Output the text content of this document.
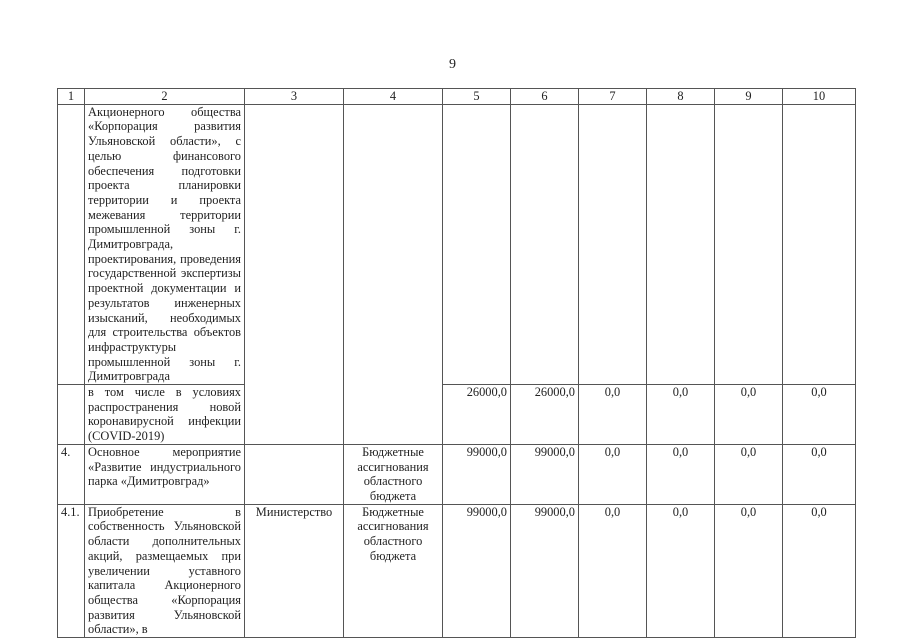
9
1	2	3	4	5	6	7	8	9	10
	Акционерного общества «Корпорация развития Ульяновской области», с целью финансового обеспечения подготовки проекта планировки территории и проекта межевания территории промышленной зоны г. Димитровграда, проектирования, проведения государственной экспертизы проектной документации и результатов инженерных изысканий, необходимых для строительства объектов инфраструктуры промышленной зоны г. Димитровграда								
	в том числе в условиях распространения новой коронавирусной инфекции (COVID-2019)			26000,0	26000,0	0,0	0,0	0,0	0,0
4.	Основное мероприятие «Развитие индустриального парка «Димитровград»		Бюджетные ассигнования областного бюджета	99000,0	99000,0	0,0	0,0	0,0	0,0
4.1.	Приобретение в собственность Ульяновской области дополнительных акций, размещаемых при увеличении уставного капитала Акционерного общества «Корпорация развития Ульяновской области», в	Министерство	Бюджетные ассигнования областного бюджета	99000,0	99000,0	0,0	0,0	0,0	0,0
